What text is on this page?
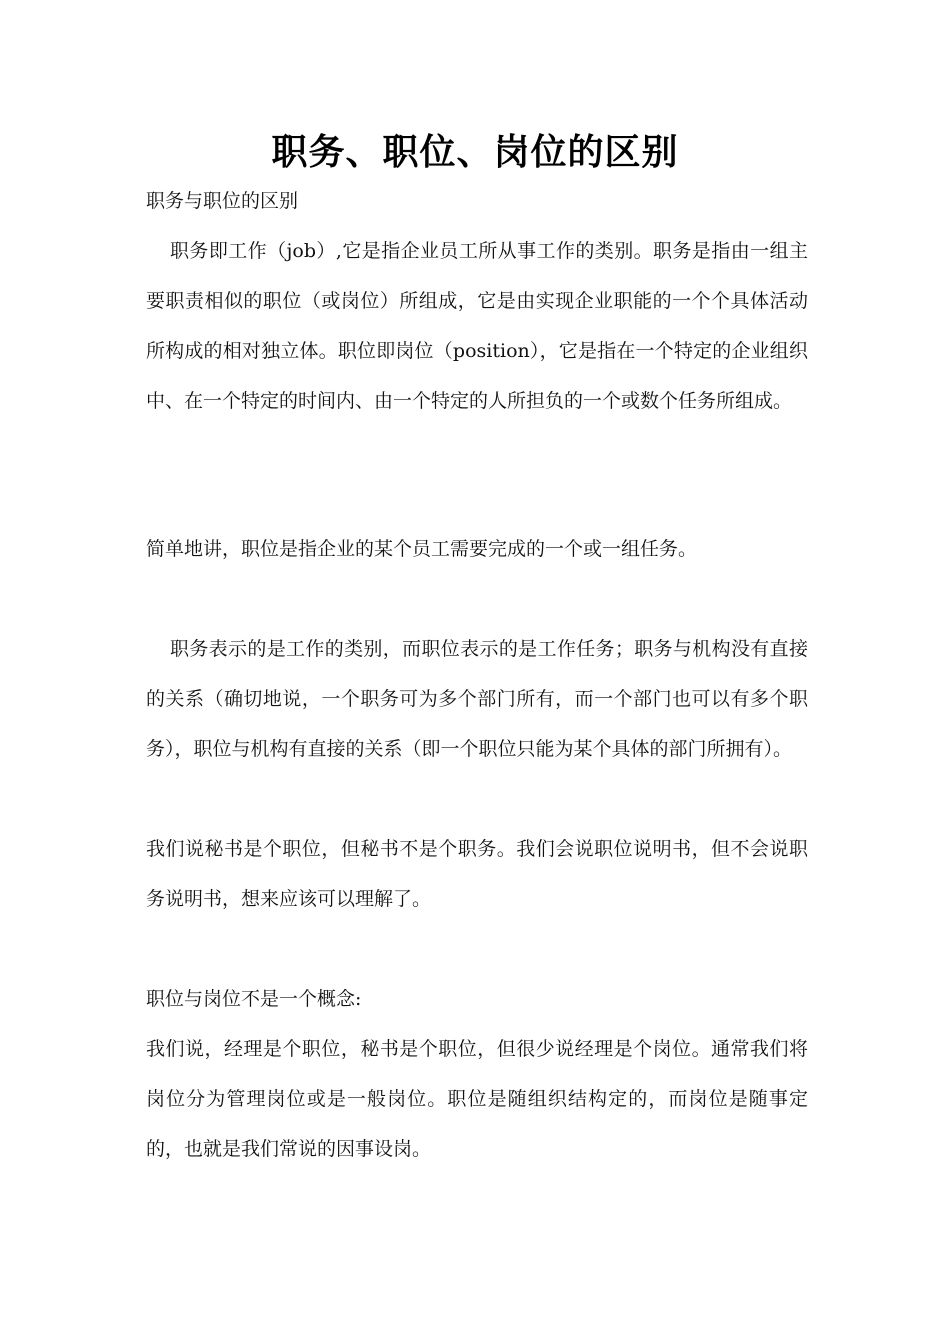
职务、职位、岗位的区别

职务与职位的区别

职务即工作（job）,它是指企业员工所从事工作的类别。职务是指由一组主要职责相似的职位（或岗位）所组成，它是由实现企业职能的一个个具体活动所构成的相对独立体。职位即岗位（position），它是指在一个特定的企业组织中、在一个特定的时间内、由一个特定的人所担负的一个或数个任务所组成。

简单地讲，职位是指企业的某个员工需要完成的一个或一组任务。

职务表示的是工作的类别，而职位表示的是工作任务；职务与机构没有直接的关系（确切地说，一个职务可为多个部门所有，而一个部门也可以有多个职务），职位与机构有直接的关系（即一个职位只能为某个具体的部门所拥有）。

我们说秘书是个职位，但秘书不是个职务。我们会说职位说明书，但不会说职务说明书，想来应该可以理解了。

职位与岗位不是一个概念:

我们说，经理是个职位，秘书是个职位，但很少说经理是个岗位。通常我们将岗位分为管理岗位或是一般岗位。职位是随组织结构定的，而岗位是随事定的，也就是我们常说的因事设岗。
